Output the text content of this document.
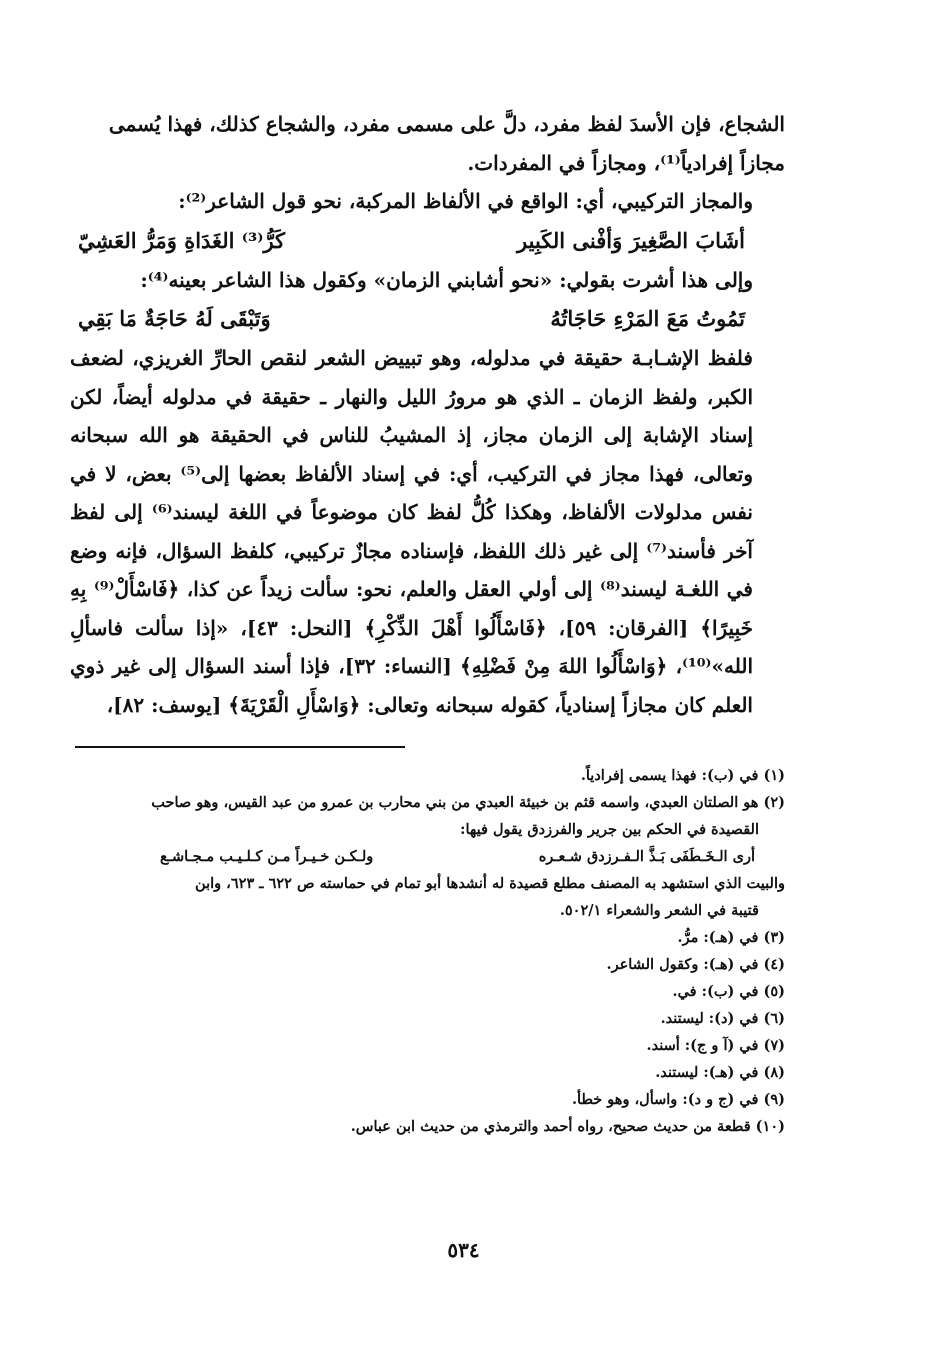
الشجاع، فإن الأسدَ لفظ مفرد، دلَّ على مسمى مفرد، والشجاع كذلك، فهذا يُسمى

مجازاً إفرادياً⁽¹⁾، ومجازاً في المفردات.

والمجاز التركيبي، أي: الواقع في الألفاظ المركبة، نحو قول الشاعر⁽²⁾:

أشَابَ الصَّغِيرَ وَأفْنى الكَبِير
كَرُّ⁽³⁾ الغَدَاةِ وَمَرُّ العَشِيّ

وإلى هذا أشرت بقولي: «نحو أشابني الزمان» وكقول هذا الشاعر بعينه⁽⁴⁾:

تَمُوتُ مَعَ المَرْءِ حَاجَاتُهُ
وَتَبْقَى لَهُ حَاجَةٌ مَا بَقِي

فلفظ الإشـابـة حقيقة في مدلوله، وهو تبييض الشعر لنقص الحارِّ الغريزي، لضعف الكبر، ولفظ الزمان ـ الذي هو مرورُ الليل والنهار ـ حقيقة في مدلوله أيضاً، لكن إسناد الإشابة إلى الزمان مجاز، إذ المشيبُ للناس في الحقيقة هو الله سبحانه وتعالى، فهذا مجاز في التركيب، أي: في إسناد الألفاظ بعضها إلى⁽⁵⁾ بعض، لا في نفس مدلولات الألفاظ، وهكذا كُلُّ لفظ كان موضوعاً في اللغة ليسند⁽⁶⁾ إلى لفظ آخر فأسند⁽⁷⁾ إلى غير ذلك اللفظ، فإسناده مجازٌ تركيبي، كلفظ السؤال، فإنه وضع في اللغـة ليسند⁽⁸⁾ إلى أولي العقل والعلم، نحو: سألت زيداً عن كذا، ﴿فَاسْأَلْ⁽⁹⁾ بِهِ خَبِيرًا﴾ [الفرقان: ٥٩]، ﴿فَاسْأَلُوا أَهْلَ الذِّكْرِ﴾ [النحل: ٤٣]، «إذا سألت فاسألِ الله»⁽¹⁰⁾، ﴿وَاسْأَلُوا اللهَ مِنْ فَضْلِهِ﴾ [النساء: ٣٢]، فإذا أسند السؤال إلى غير ذوي العلم كان مجازاً إسنادياً، كقوله سبحانه وتعالى: ﴿وَاسْأَلِ الْقَرْيَةَ﴾ [يوسف: ٨٢]،

(١) في (ب): فهذا يسمى إفرادياً.

(٢) هو الصلتان العبدي، واسمه قثم بن خبيئة العبدي من بني محارب بن عمرو من عبد القيس، وهو صاحب

القصيدة في الحكم بين جرير والفرزدق يقول فيها:

أرى الـخَـطَفَى بَـذَّ الـفـرزدق شـعـره
ولـكـن خـيـراً مـن كـلـيـب مـجـاشـع

والبيت الذي استشهد به المصنف مطلع قصيدة له أنشدها أبو تمام في حماسته ص ٦٢٢ ـ ٦٢٣، وابن

قتيبة في الشعر والشعراء ٥٠٢/١.

(٣) في (هـ): مرُّ.

(٤) في (هـ): وكقول الشاعر.

(٥) في (ب): في.

(٦) في (د): ليستند.

(٧) في (آ و ج): أسند.

(٨) في (هـ): ليستند.

(٩) في (ج و د): واسأل، وهو خطأ.

(١٠) قطعة من حديث صحيح، رواه أحمد والترمذي من حديث ابن عباس.

٥٣٤
